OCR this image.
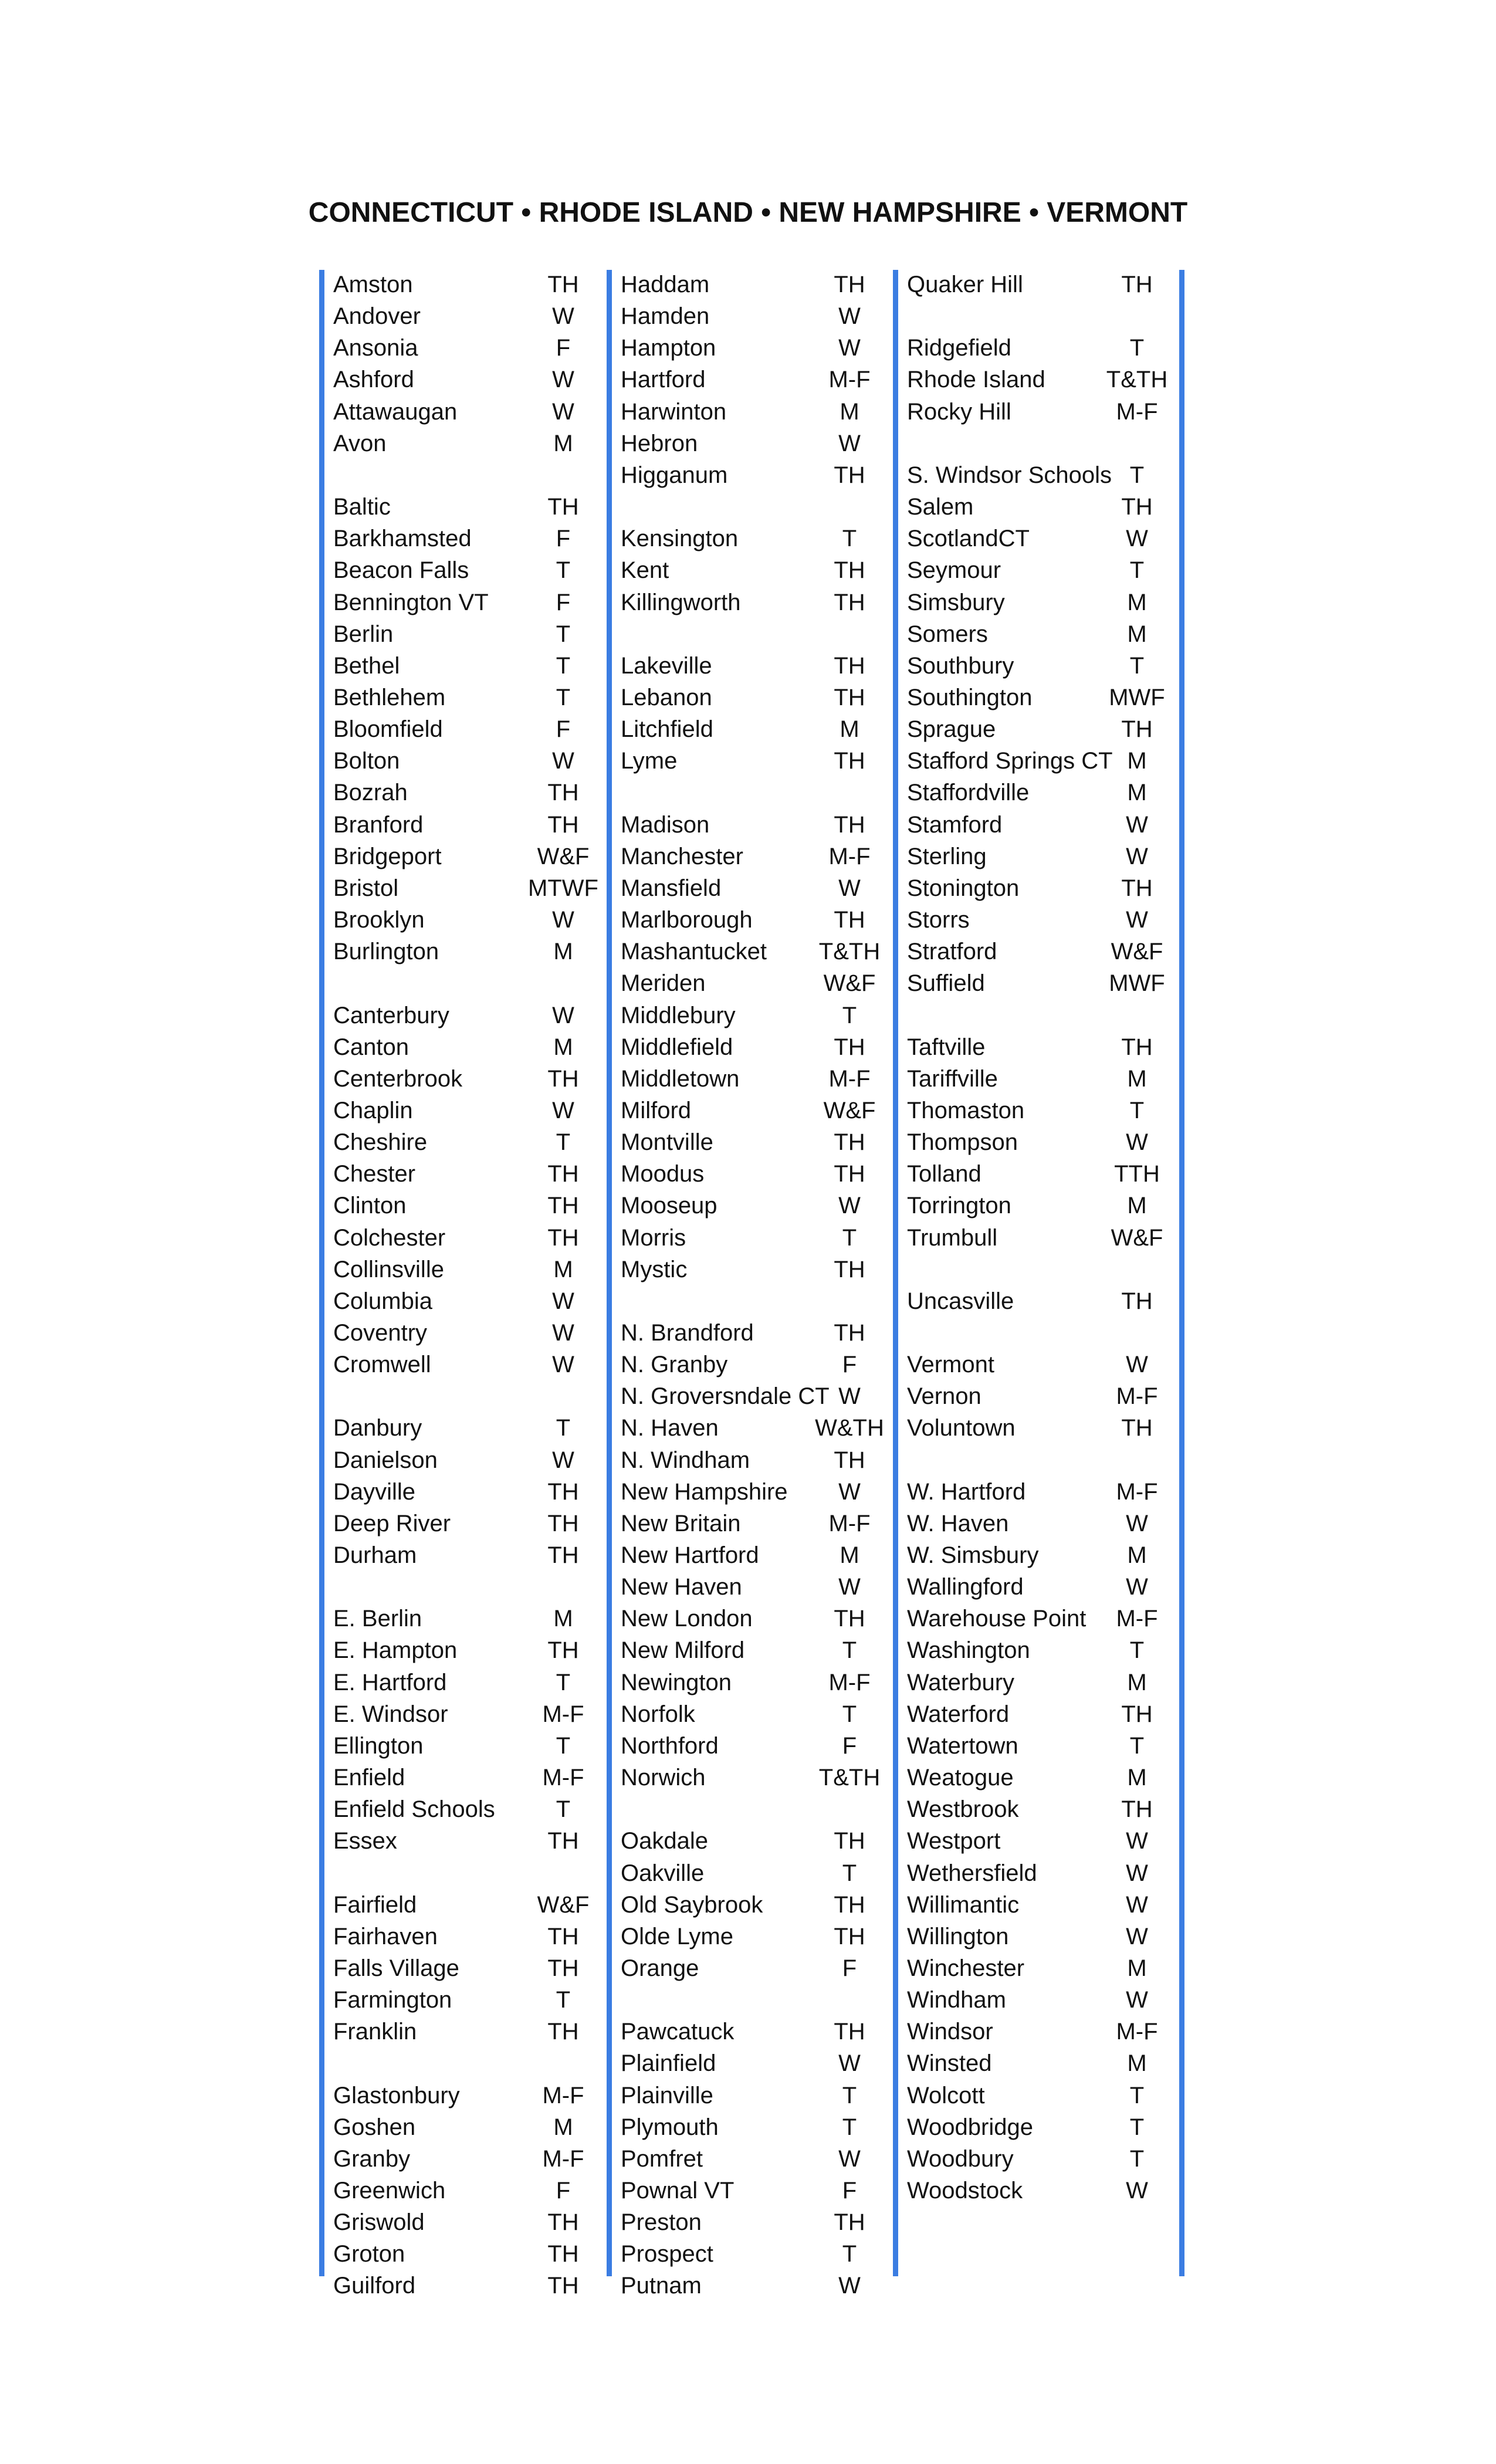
CONNECTICUT • RHODE ISLAND • NEW HAMPSHIRE • VERMONT
Amston	TH
Andover	W
Ansonia	F
Ashford	W
Attawaugan	W
Avon	M
Baltic	TH
Barkhamsted	F
Beacon Falls	T
Bennington VT	F
Berlin	T
Bethel	T
Bethlehem	T
Bloomfield	F
Bolton	W
Bozrah	TH
Branford	TH
Bridgeport	W&F
Bristol	MTWF
Brooklyn	W
Burlington	M
Canterbury	W
Canton	M
Centerbrook	TH
Chaplin	W
Cheshire	T
Chester	TH
Clinton	TH
Colchester	TH
Collinsville	M
Columbia	W
Coventry	W
Cromwell	W
Danbury	T
Danielson	W
Dayville	TH
Deep River	TH
Durham	TH
E. Berlin	M
E. Hampton	TH
E. Hartford	T
E. Windsor	M-F
Ellington	T
Enfield	M-F
Enfield Schools	T
Essex	TH
Fairfield	W&F
Fairhaven	TH
Falls Village	TH
Farmington	T
Franklin	TH
Glastonbury	M-F
Goshen	M
Granby	M-F
Greenwich	F
Griswold	TH
Groton	TH
Guilford	TH
Haddam	TH
Hamden	W
Hampton	W
Hartford	M-F
Harwinton	M
Hebron	W
Higganum	TH
Kensington	T
Kent	TH
Killingworth	TH
Lakeville	TH
Lebanon	TH
Litchfield	M
Lyme	TH
Madison	TH
Manchester	M-F
Mansfield	W
Marlborough	TH
Mashantucket	T&TH
Meriden	W&F
Middlebury	T
Middlefield	TH
Middletown	M-F
Milford	W&F
Montville	TH
Moodus	TH
Mooseup	W
Morris	T
Mystic	TH
N. Brandford	TH
N. Granby	F
N. Groversndale CT W
N. Haven	W&TH
N. Windham	TH
New Hampshire	W
New Britain	M-F
New Hartford	M
New Haven	W
New London	TH
New Milford	T
Newington	M-F
Norfolk	T
Northford	F
Norwich	T&TH
Oakdale	TH
Oakville	T
Old Saybrook	TH
Olde Lyme	TH
Orange	F
Pawcatuck	TH
Plainfield	W
Plainville	T
Plymouth	T
Pomfret	W
Pownal VT	F
Preston	TH
Prospect	T
Putnam	W
Quaker Hill	TH
Ridgefield	T
Rhode Island	T&TH
Rocky Hill	M-F
S. Windsor Schools T
Salem	TH
ScotlandCT	W
Seymour	T
Simsbury	M
Somers	M
Southbury	T
Southington	MWF
Sprague	TH
Stafford Springs CT M
Staffordville	M
Stamford	W
Sterling	W
Stonington	TH
Storrs	W
Stratford	W&F
Suffield	MWF
Taftville	TH
Tariffville	M
Thomaston	T
Thompson	W
Tolland	TTH
Torrington	M
Trumbull	W&F
Uncasville	TH
Vermont	W
Vernon	M-F
Voluntown	TH
W. Hartford	M-F
W. Haven	W
W. Simsbury	M
Wallingford	W
Warehouse Point	M-F
Washington	T
Waterbury	M
Waterford	TH
Watertown	T
Weatogue	M
Westbrook	TH
Westport	W
Wethersfield	W
Willimantic	W
Willington	W
Winchester	M
Windham	W
Windsor	M-F
Winsted	M
Wolcott	T
Woodbridge	T
Woodbury	T
Woodstock	W
